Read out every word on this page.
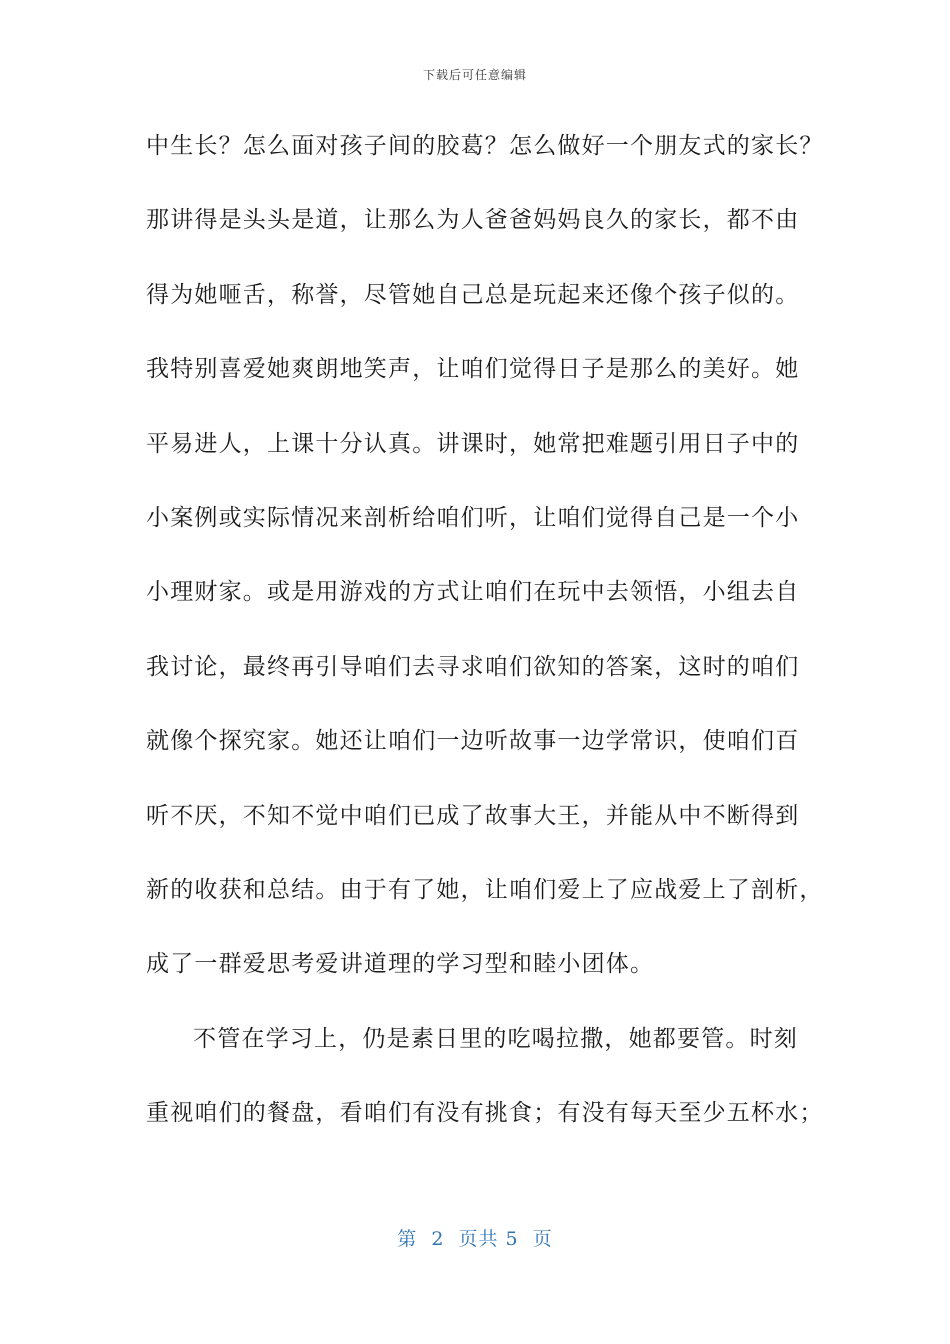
下载后可任意编辑
中生长？怎么面对孩子间的胶葛？怎么做好一个朋友式的家长？
那讲得是头头是道，让那么为人爸爸妈妈良久的家长，都不由
得为她咂舌，称誉，尽管她自己总是玩起来还像个孩子似的。
我特别喜爱她爽朗地笑声，让咱们觉得日子是那么的美好。她
平易进人，上课十分认真。讲课时，她常把难题引用日子中的
小案例或实际情况来剖析给咱们听，让咱们觉得自己是一个小
小理财家。或是用游戏的方式让咱们在玩中去领悟，小组去自
我讨论，最终再引导咱们去寻求咱们欲知的答案，这时的咱们
就像个探究家。她还让咱们一边听故事一边学常识，使咱们百
听不厌，不知不觉中咱们已成了故事大王，并能从中不断得到
新的收获和总结。由于有了她，让咱们爱上了应战爱上了剖析，
成了一群爱思考爱讲道理的学习型和睦小团体。
不管在学习上，仍是素日里的吃喝拉撒，她都要管。时刻
重视咱们的餐盘，看咱们有没有挑食；有没有每天至少五杯水；
第  2  页共 5  页
